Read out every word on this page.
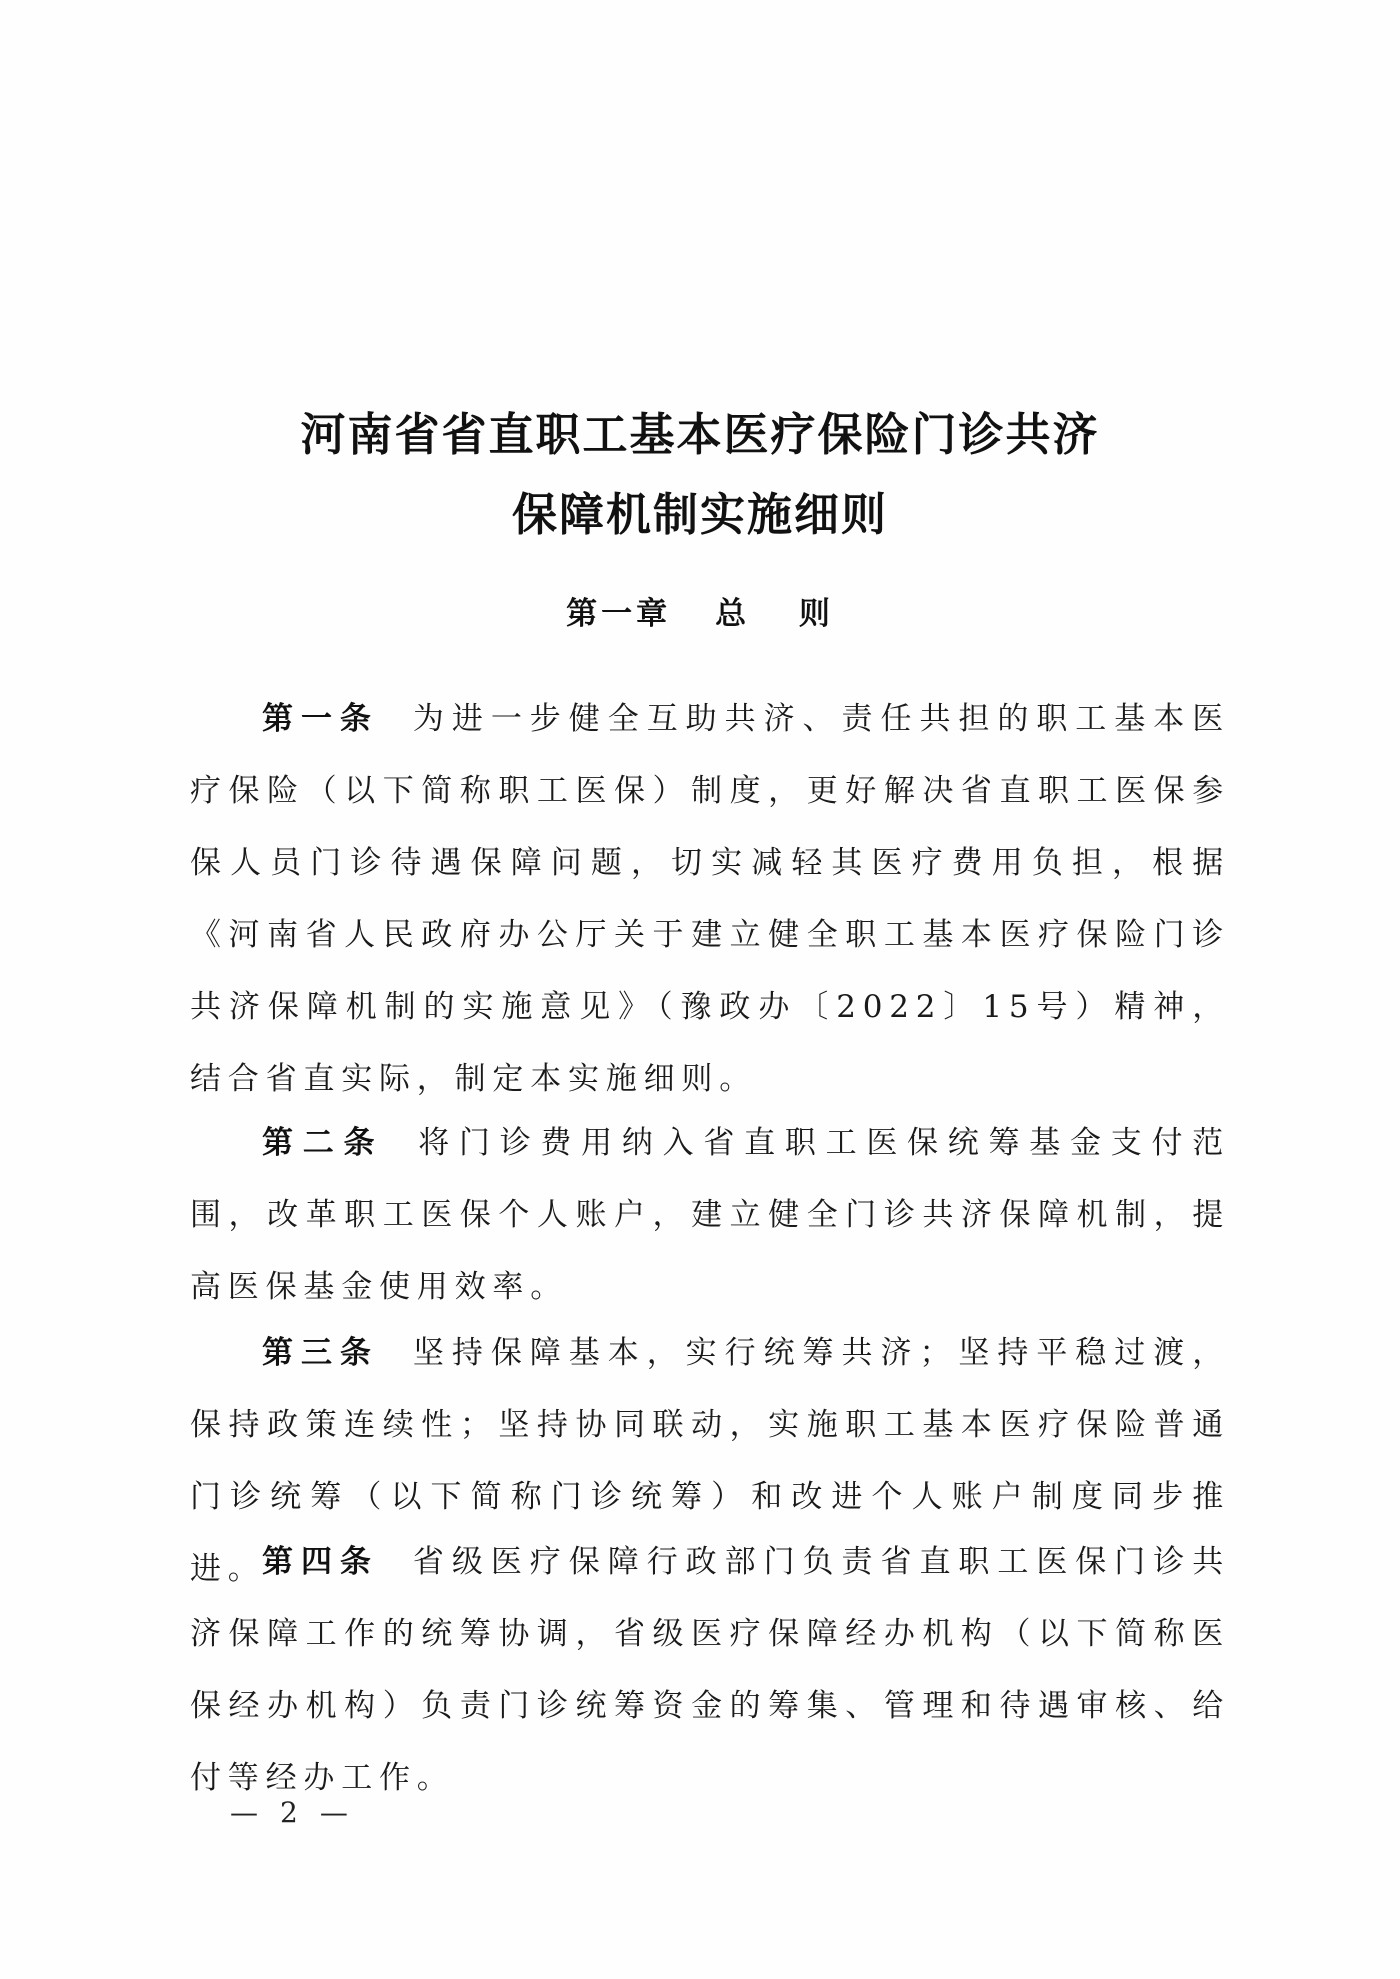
河南省省直职工基本医疗保险门诊共济
保障机制实施细则
第一章 总 则
第一条 为进一步健全互助共济、责任共担的职工基本医疗保险（以下简称职工医保）制度，更好解决省直职工医保参保人员门诊待遇保障问题，切实减轻其医疗费用负担，根据《河南省人民政府办公厅关于建立健全职工基本医疗保险门诊共济保障机制的实施意见》（豫政办〔2022〕15号）精神，结合省直实际，制定本实施细则。
第二条 将门诊费用纳入省直职工医保统筹基金支付范围，改革职工医保个人账户，建立健全门诊共济保障机制，提高医保基金使用效率。
第三条 坚持保障基本，实行统筹共济；坚持平稳过渡，保持政策连续性；坚持协同联动，实施职工基本医疗保险普通门诊统筹（以下简称门诊统筹）和改进个人账户制度同步推进。
第四条 省级医疗保障行政部门负责省直职工医保门诊共济保障工作的统筹协调，省级医疗保障经办机构（以下简称医保经办机构）负责门诊统筹资金的筹集、管理和待遇审核、给付等经办工作。
— 2 —
